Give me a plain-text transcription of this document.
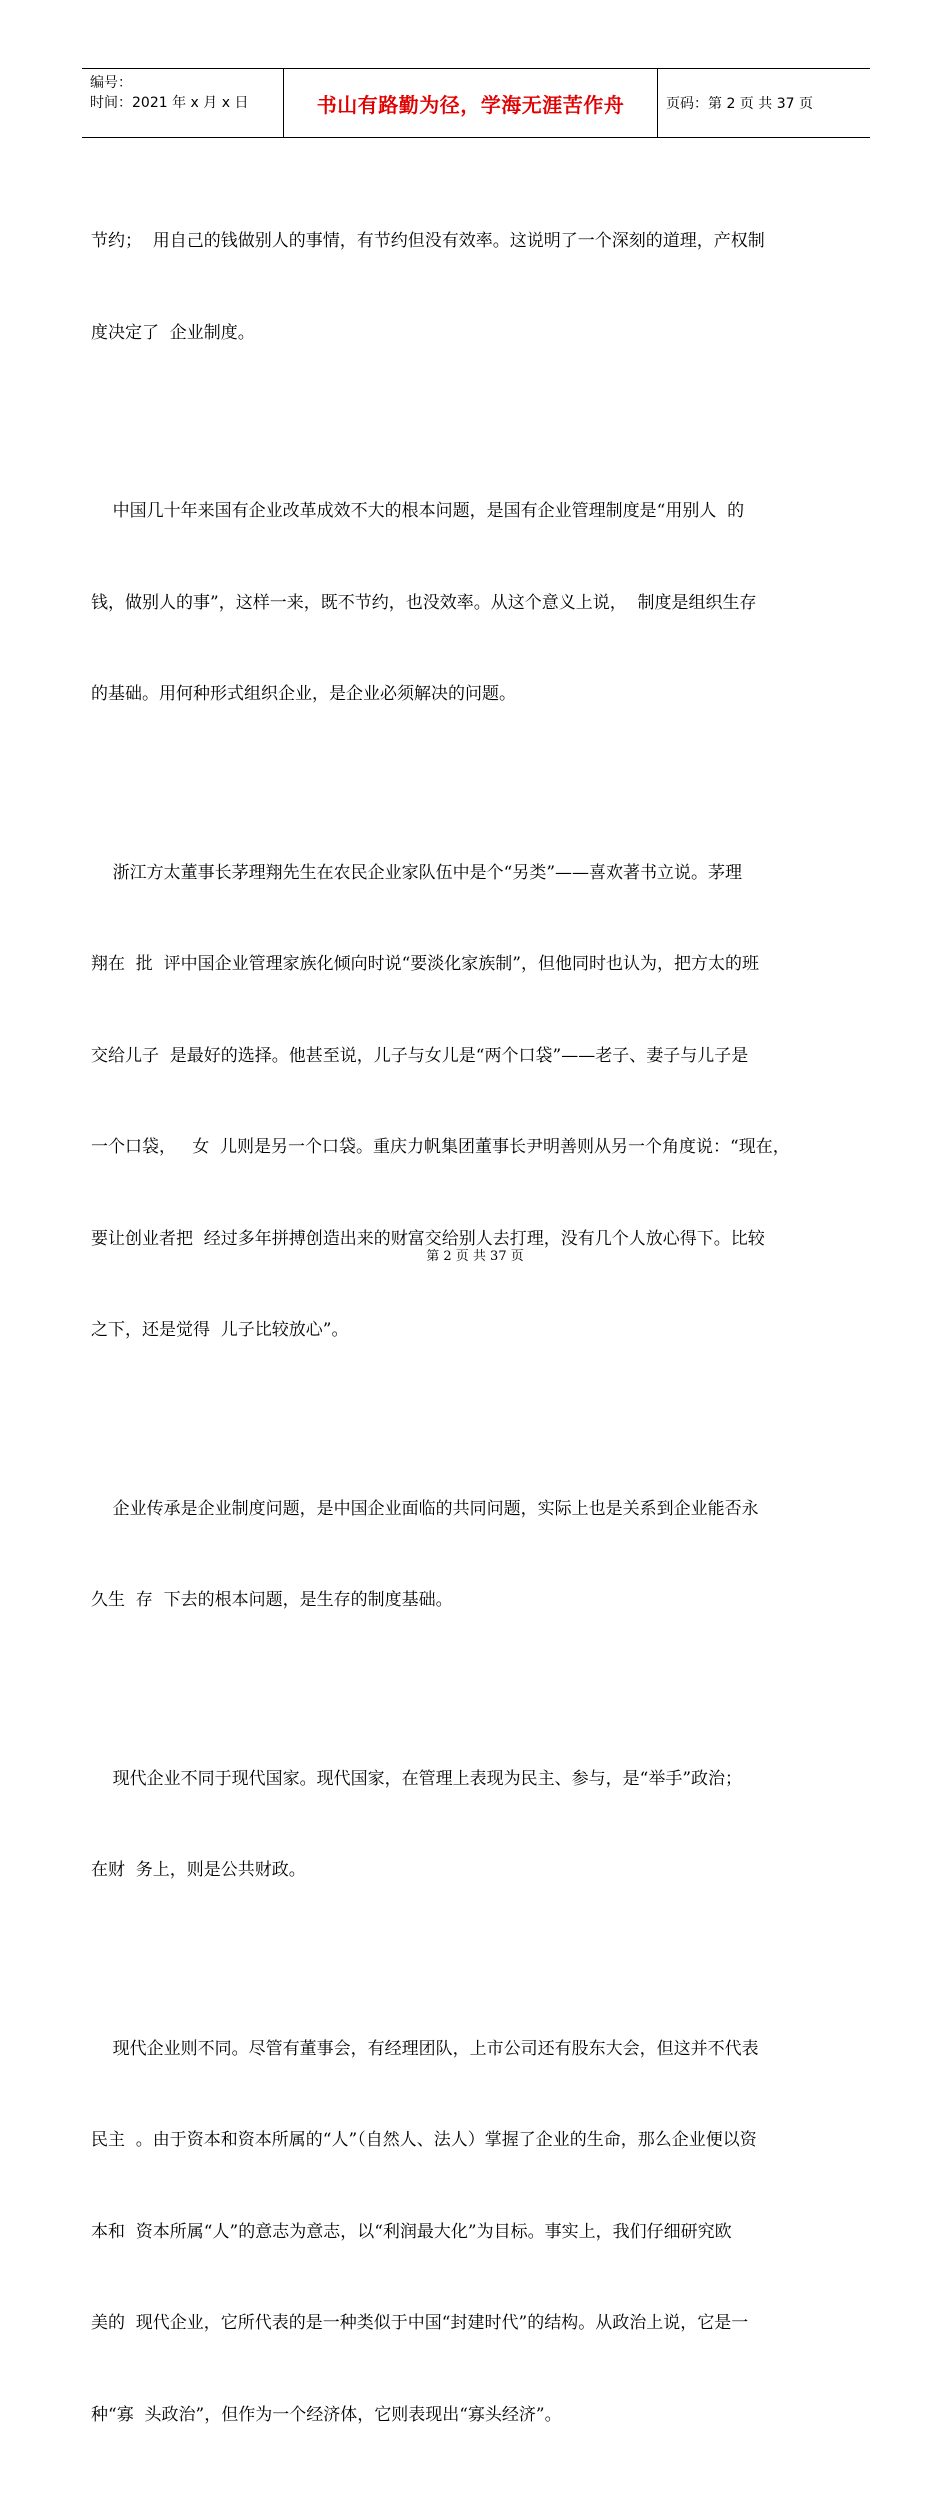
编号：
时间：2021 年 x 月 x 日	书山有路勤为径，学海无涯苦作舟	页码：第 2 页 共 37 页

节约；  用自己的钱做别人的事情，有节约但没有效率。这说明了一个深刻的道理，产权制

度决定了  企业制度。

中国几十年来国有企业改革成效不大的根本问题，是国有企业管理制度是“用别人  的

钱，做别人的事”，这样一来，既不节约，也没效率。从这个意义上说，  制度是组织生存

的基础。用何种形式组织企业，是企业必须解决的问题。

浙江方太董事长茅理翔先生在农民企业家队伍中是个“另类”——喜欢著书立说。茅理

翔在  批  评中国企业管理家族化倾向时说“要淡化家族制”，但他同时也认为，把方太的班

交给儿子  是最好的选择。他甚至说，儿子与女儿是“两个口袋”——老子、妻子与儿子是

一个口袋，   女  儿则是另一个口袋。重庆力帆集团董事长尹明善则从另一个角度说：“现在，

要让创业者把  经过多年拼搏创造出来的财富交给别人去打理，没有几个人放心得下。比较

之下，还是觉得  儿子比较放心”。

企业传承是企业制度问题，是中国企业面临的共同问题，实际上也是关系到企业能否永

久生  存  下去的根本问题，是生存的制度基础。

现代企业不同于现代国家。现代国家，在管理上表现为民主、参与，是“举手”政治；

在财  务上，则是公共财政。

现代企业则不同。尽管有董事会，有经理团队，上市公司还有股东大会，但这并不代表

民主  。由于资本和资本所属的“人”（自然人、法人）掌握了企业的生命，那么企业便以资

本和  资本所属“人”的意志为意志，以“利润最大化”为目标。事实上，我们仔细研究欧

美的  现代企业，它所代表的是一种类似于中国“封建时代”的结构。从政治上说，它是一

种“寡  头政治”，但作为一个经济体，它则表现出“寡头经济”。

第 2 页 共 37 页
